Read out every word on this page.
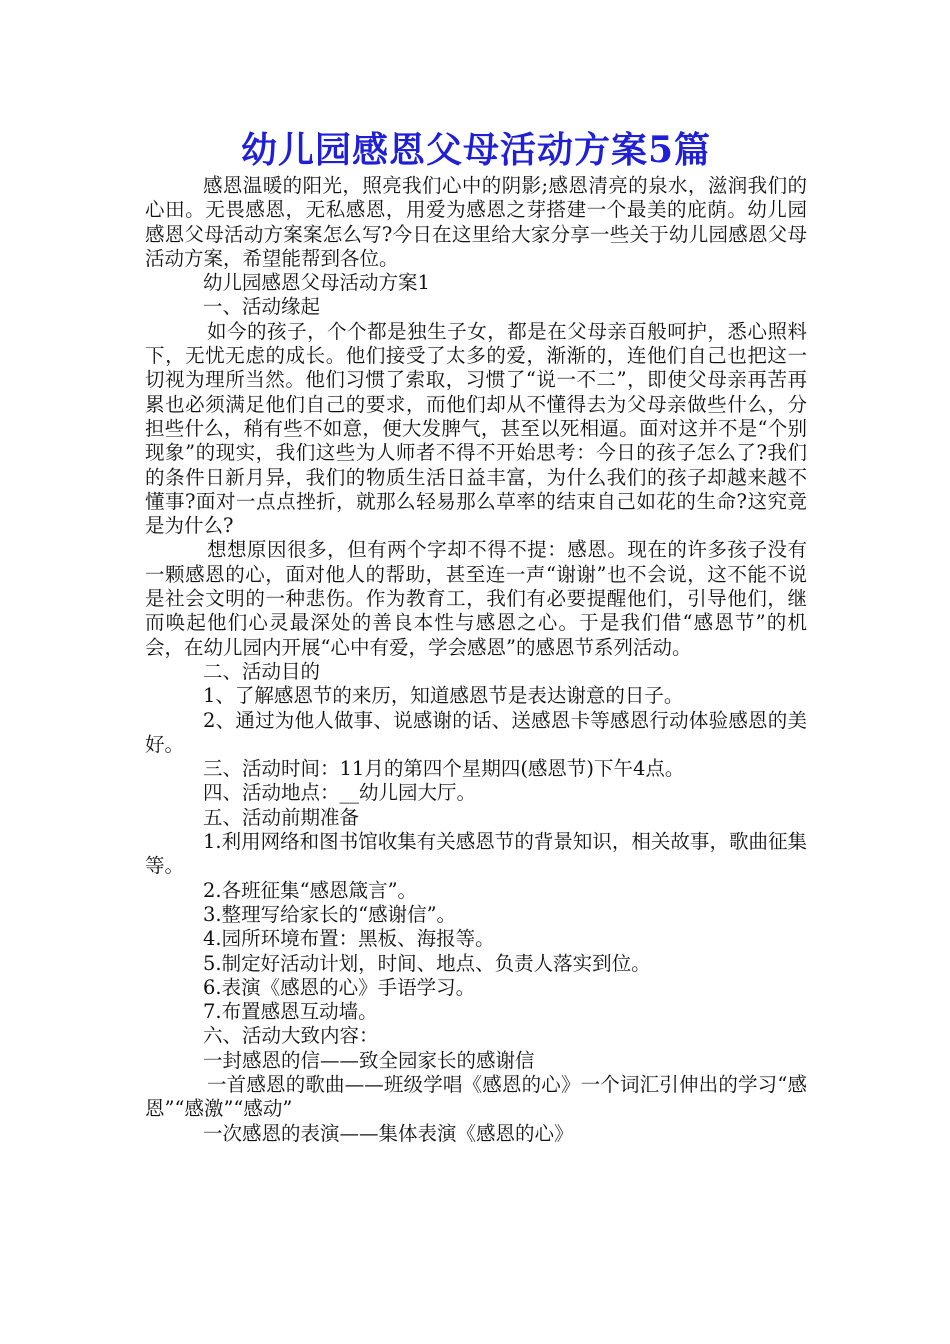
幼儿园感恩父母活动方案5篇

感恩温暖的阳光，照亮我们心中的阴影;感恩清亮的泉水，滋润我们的心田。无畏感恩，无私感恩，用爱为感恩之芽搭建一个最美的庇荫。幼儿园感恩父母活动方案案怎么写?今日在这里给大家分享一些关于幼儿园感恩父母活动方案，希望能帮到各位。

幼儿园感恩父母活动方案1

一、活动缘起

如今的孩子，个个都是独生子女，都是在父母亲百般呵护，悉心照料下，无忧无虑的成长。他们接受了太多的爱，渐渐的，连他们自己也把这一切视为理所当然。他们习惯了索取，习惯了“说一不二”，即使父母亲再苦再累也必须满足他们自己的要求，而他们却从不懂得去为父母亲做些什么，分担些什么，稍有些不如意，便大发脾气，甚至以死相逼。面对这并不是“个别现象”的现实，我们这些为人师者不得不开始思考：今日的孩子怎么了?我们的条件日新月异，我们的物质生活日益丰富，为什么我们的孩子却越来越不懂事?面对一点点挫折，就那么轻易那么草率的结束自己如花的生命?这究竟是为什么?

想想原因很多，但有两个字却不得不提：感恩。现在的许多孩子没有一颗感恩的心，面对他人的帮助，甚至连一声“谢谢”也不会说，这不能不说是社会文明的一种悲伤。作为教育工，我们有必要提醒他们，引导他们，继而唤起他们心灵最深处的善良本性与感恩之心。于是我们借“感恩节”的机会，在幼儿园内开展“心中有爱，学会感恩”的感恩节系列活动。

二、活动目的

1、了解感恩节的来历，知道感恩节是表达谢意的日子。

2、通过为他人做事、说感谢的话、送感恩卡等感恩行动体验感恩的美好。

三、活动时间：11月的第四个星期四(感恩节)下午4点。

四、活动地点：__幼儿园大厅。

五、活动前期准备

1.利用网络和图书馆收集有关感恩节的背景知识，相关故事，歌曲征集等。

2.各班征集“感恩箴言”。

3.整理写给家长的“感谢信”。

4.园所环境布置：黑板、海报等。

5.制定好活动计划，时间、地点、负责人落实到位。

6.表演《感恩的心》手语学习。

7.布置感恩互动墙。

六、活动大致内容：

一封感恩的信——致全园家长的感谢信

一首感恩的歌曲——班级学唱《感恩的心》一个词汇引伸出的学习“感恩”“感激”“感动”

一次感恩的表演——集体表演《感恩的心》
